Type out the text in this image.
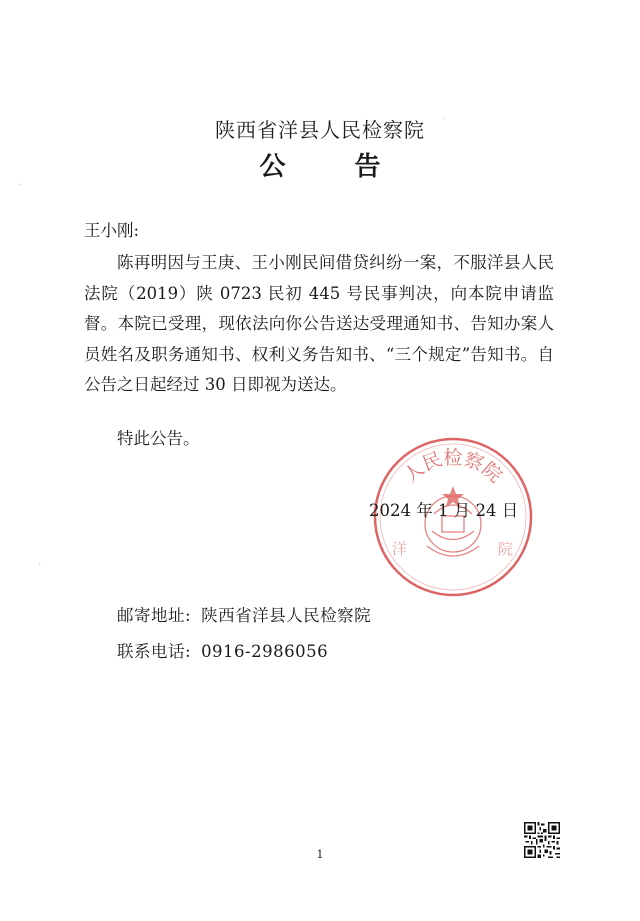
陕西省洋县人民检察院
公 告
王小刚:

陈再明因与王庚、王小刚民间借贷纠纷一案，不服洋县人民法院（2019）陕 0723 民初 445 号民事判决，向本院申请监督。本院已受理，现依法向你公告送达受理通知书、告知办案人员姓名及职务通知书、权利义务告知书、“三个规定”告知书。自公告之日起经过 30 日即视为送达。

特此公告。
人民检察院
洋	院
2024 年 1 月 24 日
邮寄地址: 陕西省洋县人民检察院
联系电话: 0916-2986056
1
′
·
·
